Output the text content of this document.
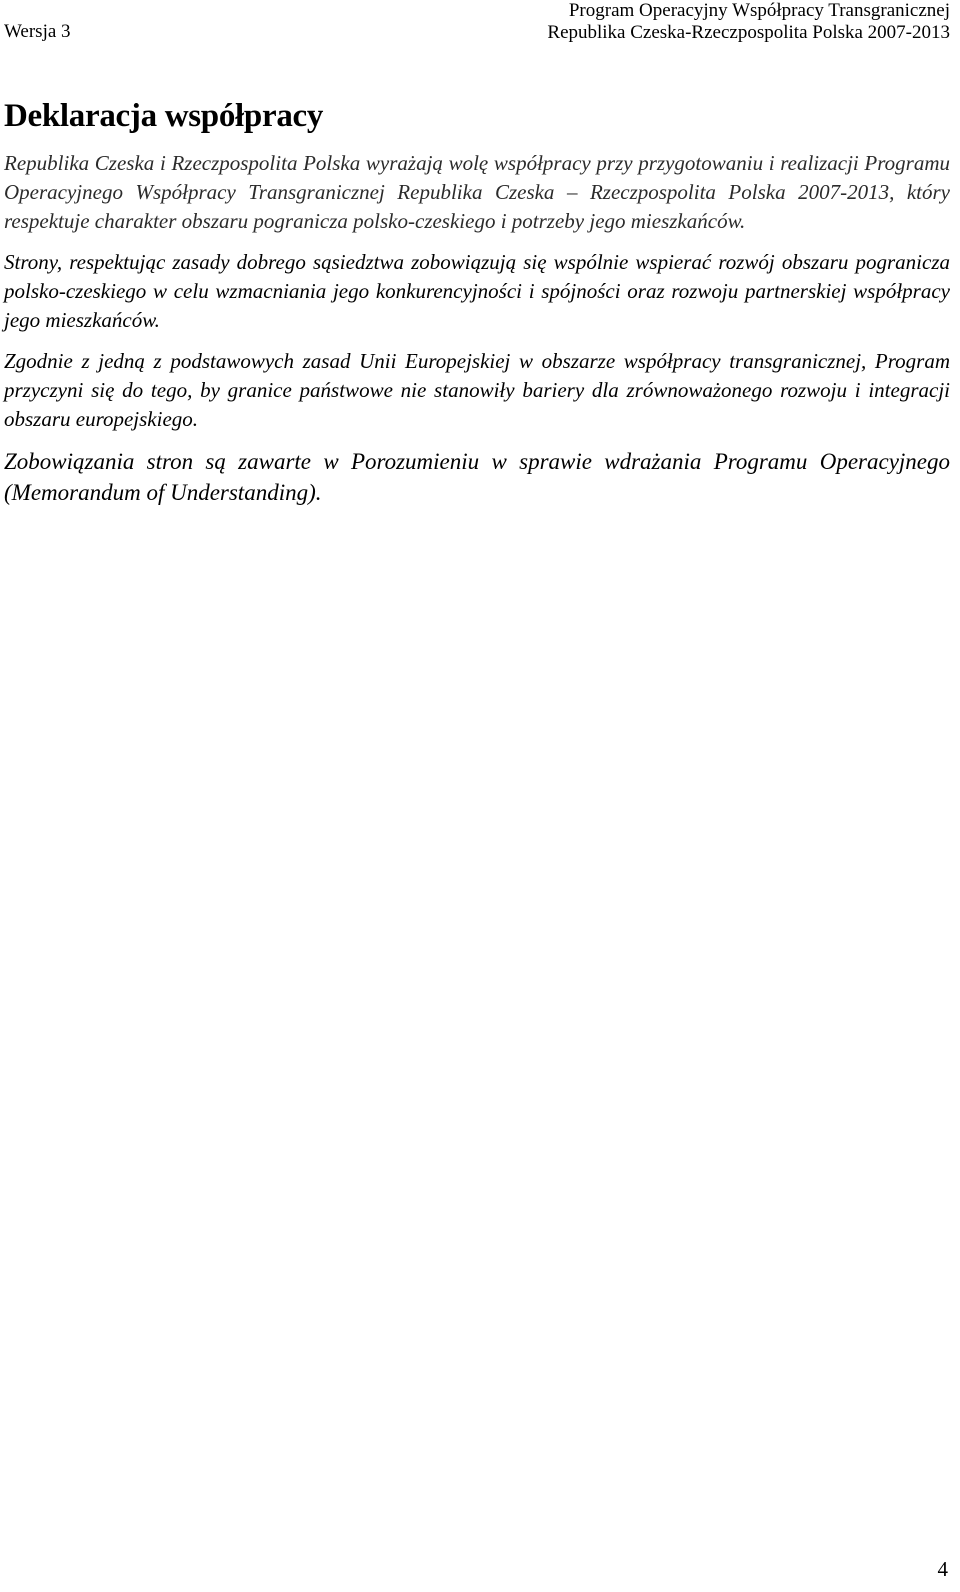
Wersja 3
Program Operacyjny Współpracy Transgranicznej
Republika Czeska-Rzeczpospolita Polska 2007-2013
Deklaracja współpracy

Republika Czeska i Rzeczpospolita Polska wyrażają wolę współpracy przy przygotowaniu i realizacji Programu Operacyjnego Współpracy Transgranicznej Republika Czeska – Rzeczpospolita Polska 2007-2013, który respektuje charakter obszaru pogranicza polsko-czeskiego i potrzeby jego mieszkańców.

Strony, respektując zasady dobrego sąsiedztwa zobowiązują się wspólnie wspierać rozwój obszaru pogranicza polsko-czeskiego w celu wzmacniania jego konkurencyjności i spójności oraz rozwoju partnerskiej współpracy jego mieszkańców.

Zgodnie z jedną z podstawowych zasad Unii Europejskiej w obszarze współpracy transgranicznej, Program przyczyni się do tego, by granice państwowe nie stanowiły bariery dla zrównoważonego rozwoju i integracji obszaru europejskiego.

Zobowiązania stron są zawarte w Porozumieniu w sprawie wdrażania Programu Operacyjnego (Memorandum of Understanding).

4
